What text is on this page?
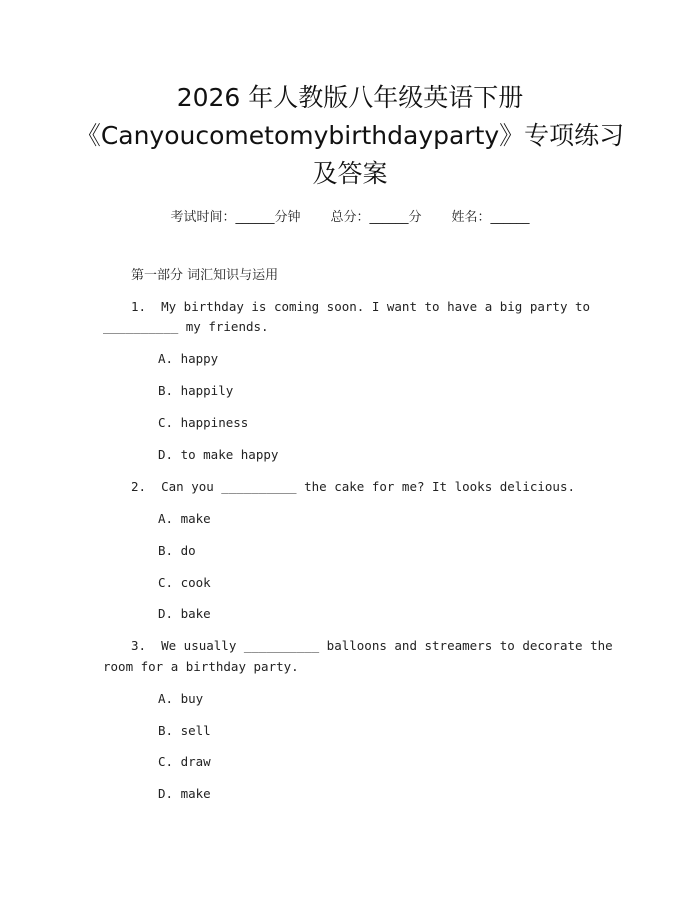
2026 年人教版八年级英语下册
《Canyoucometomybirthdayparty》专项练习
及答案
考试时间：______分钟 总分：______分 姓名：______
第一部分 词汇知识与运用
1.  My birthday is coming soon. I want to have a big party to
__________ my friends.
A. happy
B. happily
C. happiness
D. to make happy
2.  Can you __________ the cake for me? It looks delicious.
A. make
B. do
C. cook
D. bake
3.  We usually __________ balloons and streamers to decorate the
room for a birthday party.
A. buy
B. sell
C. draw
D. make
